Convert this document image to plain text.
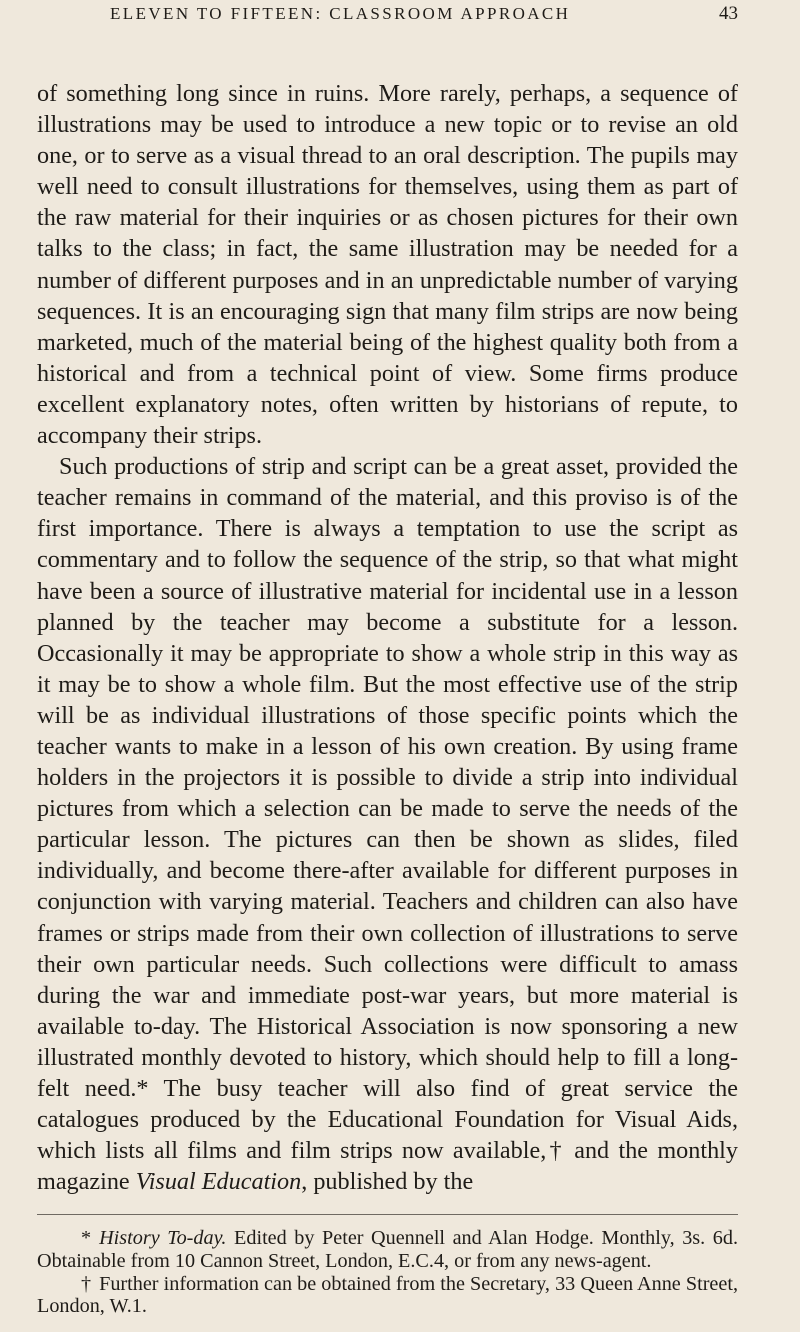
ELEVEN TO FIFTEEN: CLASSROOM APPROACH	43

of something long since in ruins. More rarely, perhaps, a sequence of illustrations may be used to introduce a new topic or to revise an old one, or to serve as a visual thread to an oral description. The pupils may well need to consult illustrations for themselves, using them as part of the raw material for their inquiries or as chosen pictures for their own talks to the class; in fact, the same illustration may be needed for a number of different purposes and in an unpredictable number of varying sequences. It is an encouraging sign that many film strips are now being marketed, much of the material being of the highest quality both from a historical and from a technical point of view. Some firms produce excellent explanatory notes, often written by historians of repute, to accompany their strips.

Such productions of strip and script can be a great asset, provided the teacher remains in command of the material, and this proviso is of the first importance. There is always a temptation to use the script as commentary and to follow the sequence of the strip, so that what might have been a source of illustrative material for incidental use in a lesson planned by the teacher may become a substitute for a lesson. Occasionally it may be appropriate to show a whole strip in this way as it may be to show a whole film. But the most effective use of the strip will be as individual illustrations of those specific points which the teacher wants to make in a lesson of his own creation. By using frame holders in the projectors it is possible to divide a strip into individual pictures from which a selection can be made to serve the needs of the particular lesson. The pictures can then be shown as slides, filed individually, and become there-after available for different purposes in conjunction with varying material. Teachers and children can also have frames or strips made from their own collection of illustrations to serve their own particular needs. Such collections were difficult to amass during the war and immediate post-war years, but more material is available to-day. The Historical Association is now sponsoring a new illustrated monthly devoted to history, which should help to fill a long-felt need.* The busy teacher will also find of great service the catalogues produced by the Educational Foundation for Visual Aids, which lists all films and film strips now available,† and the monthly magazine Visual Education, published by the

* History To-day. Edited by Peter Quennell and Alan Hodge. Monthly, 3s. 6d. Obtainable from 10 Cannon Street, London, E.C.4, or from any news-agent.

† Further information can be obtained from the Secretary, 33 Queen Anne Street, London, W.1.
